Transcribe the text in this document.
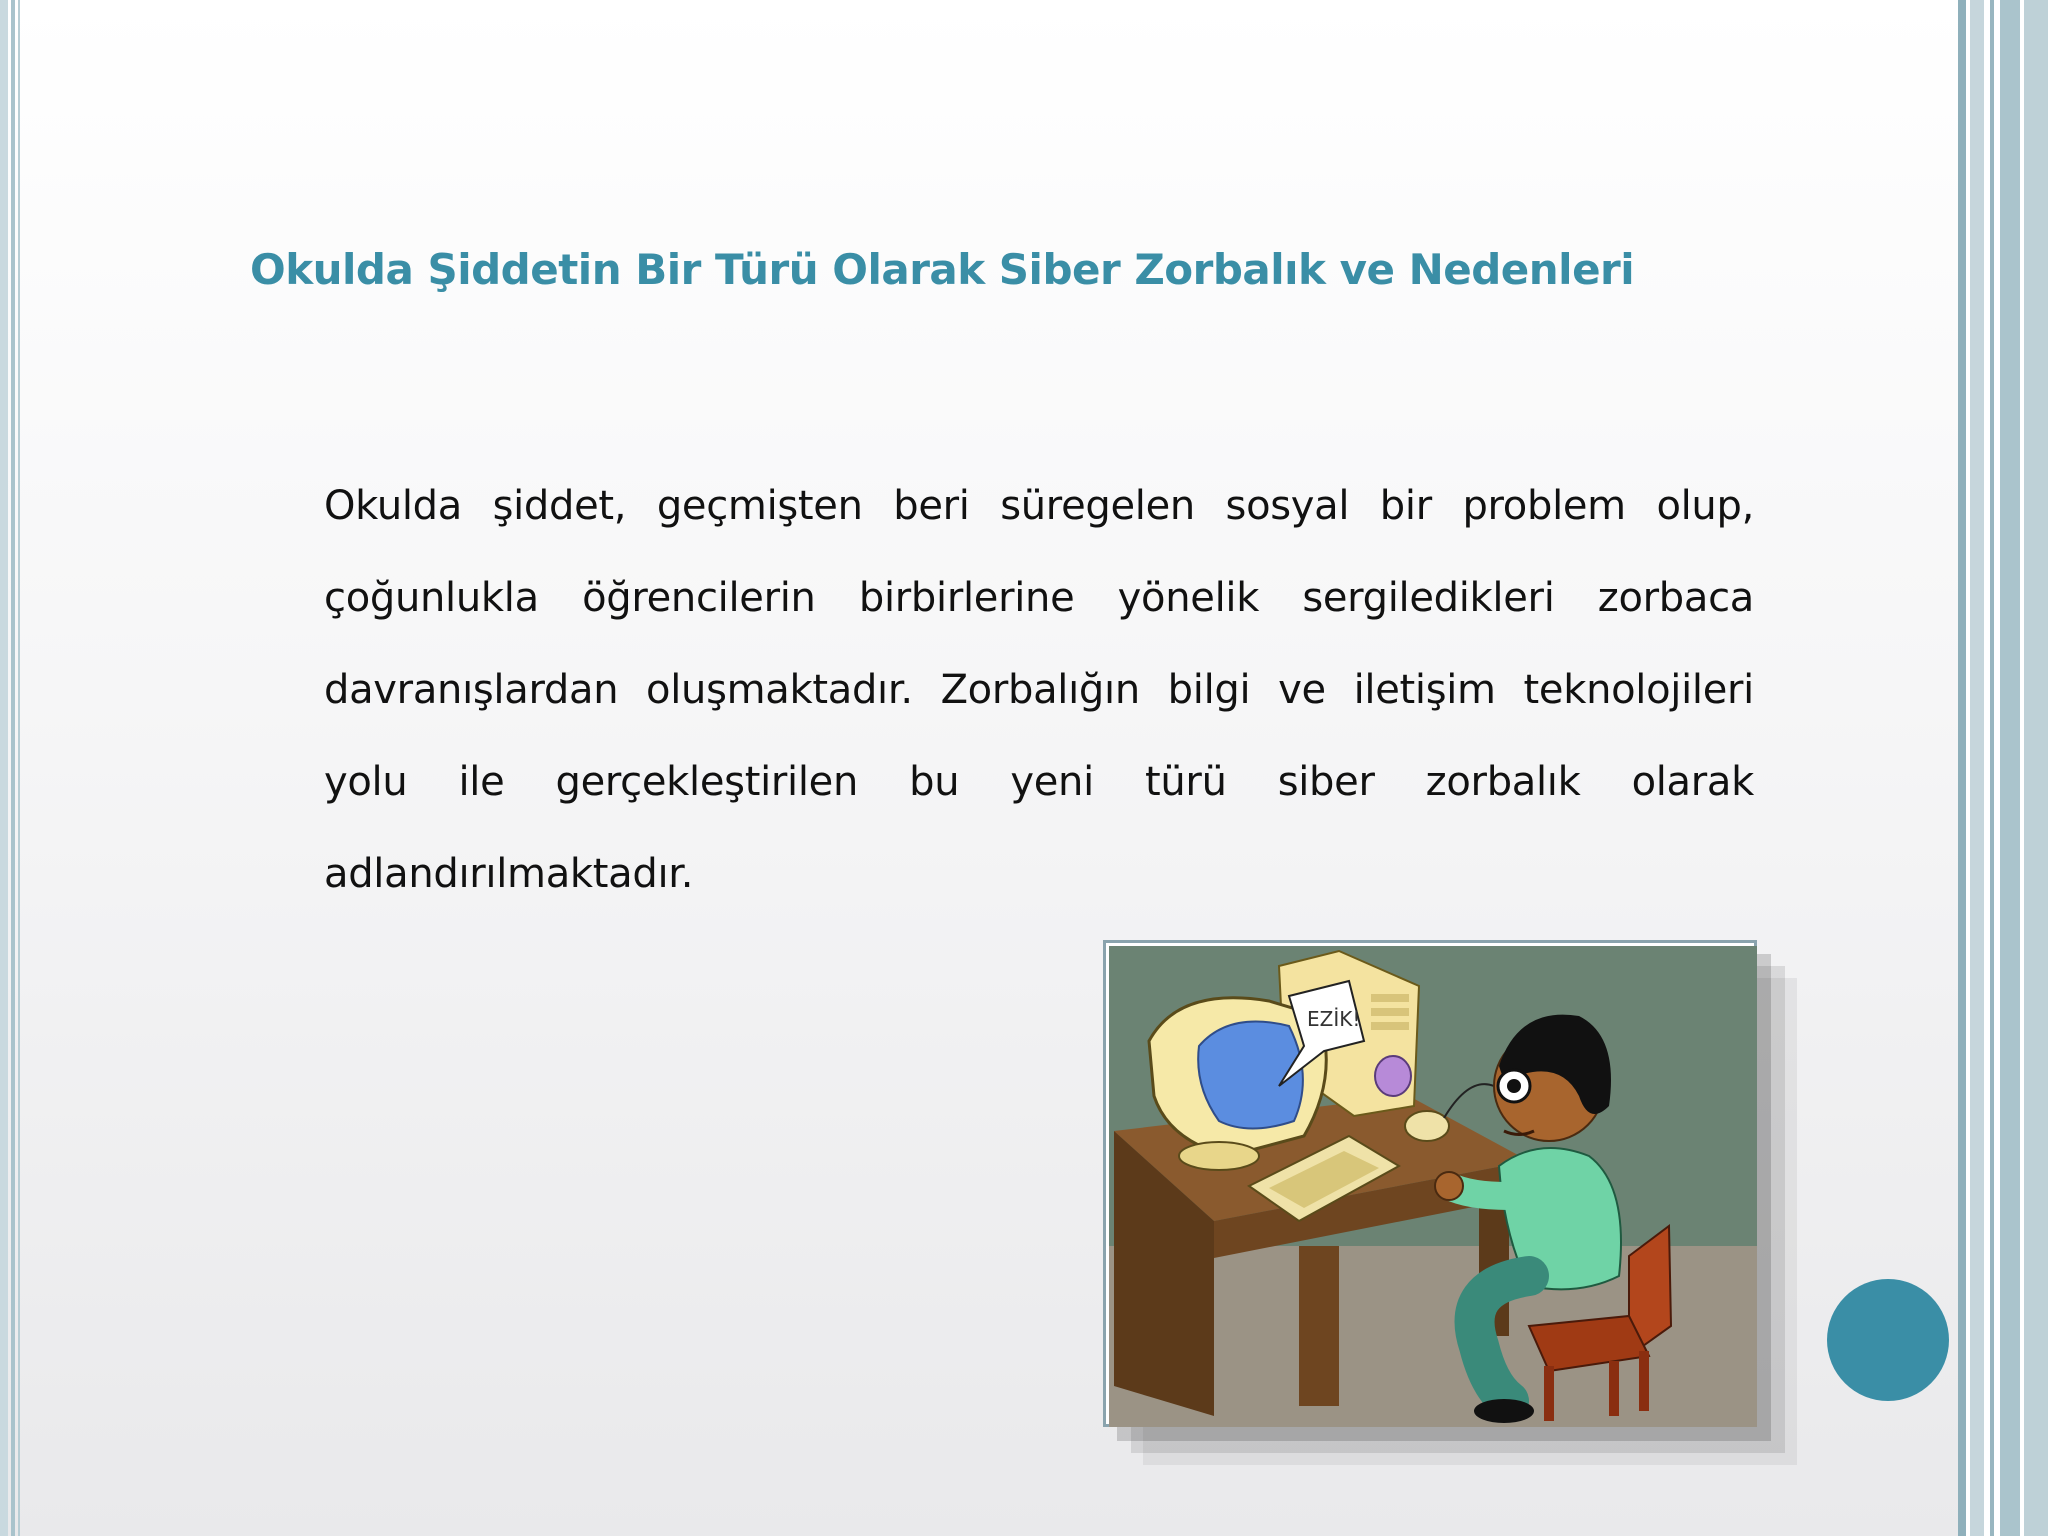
Okulda Şiddetin Bir Türü Olarak Siber Zorbalık ve Nedenleri

Okulda şiddet, geçmişten beri süregelen sosyal bir problem olup, çoğunlukla öğrencilerin birbirlerine yönelik sergiledikleri zorbaca davranışlardan oluşmaktadır. Zorbalığın bilgi ve iletişim teknolojileri yolu ile gerçekleştirilen bu yeni türü siber zorbalık olarak adlandırılmaktadır.

EZİK!
